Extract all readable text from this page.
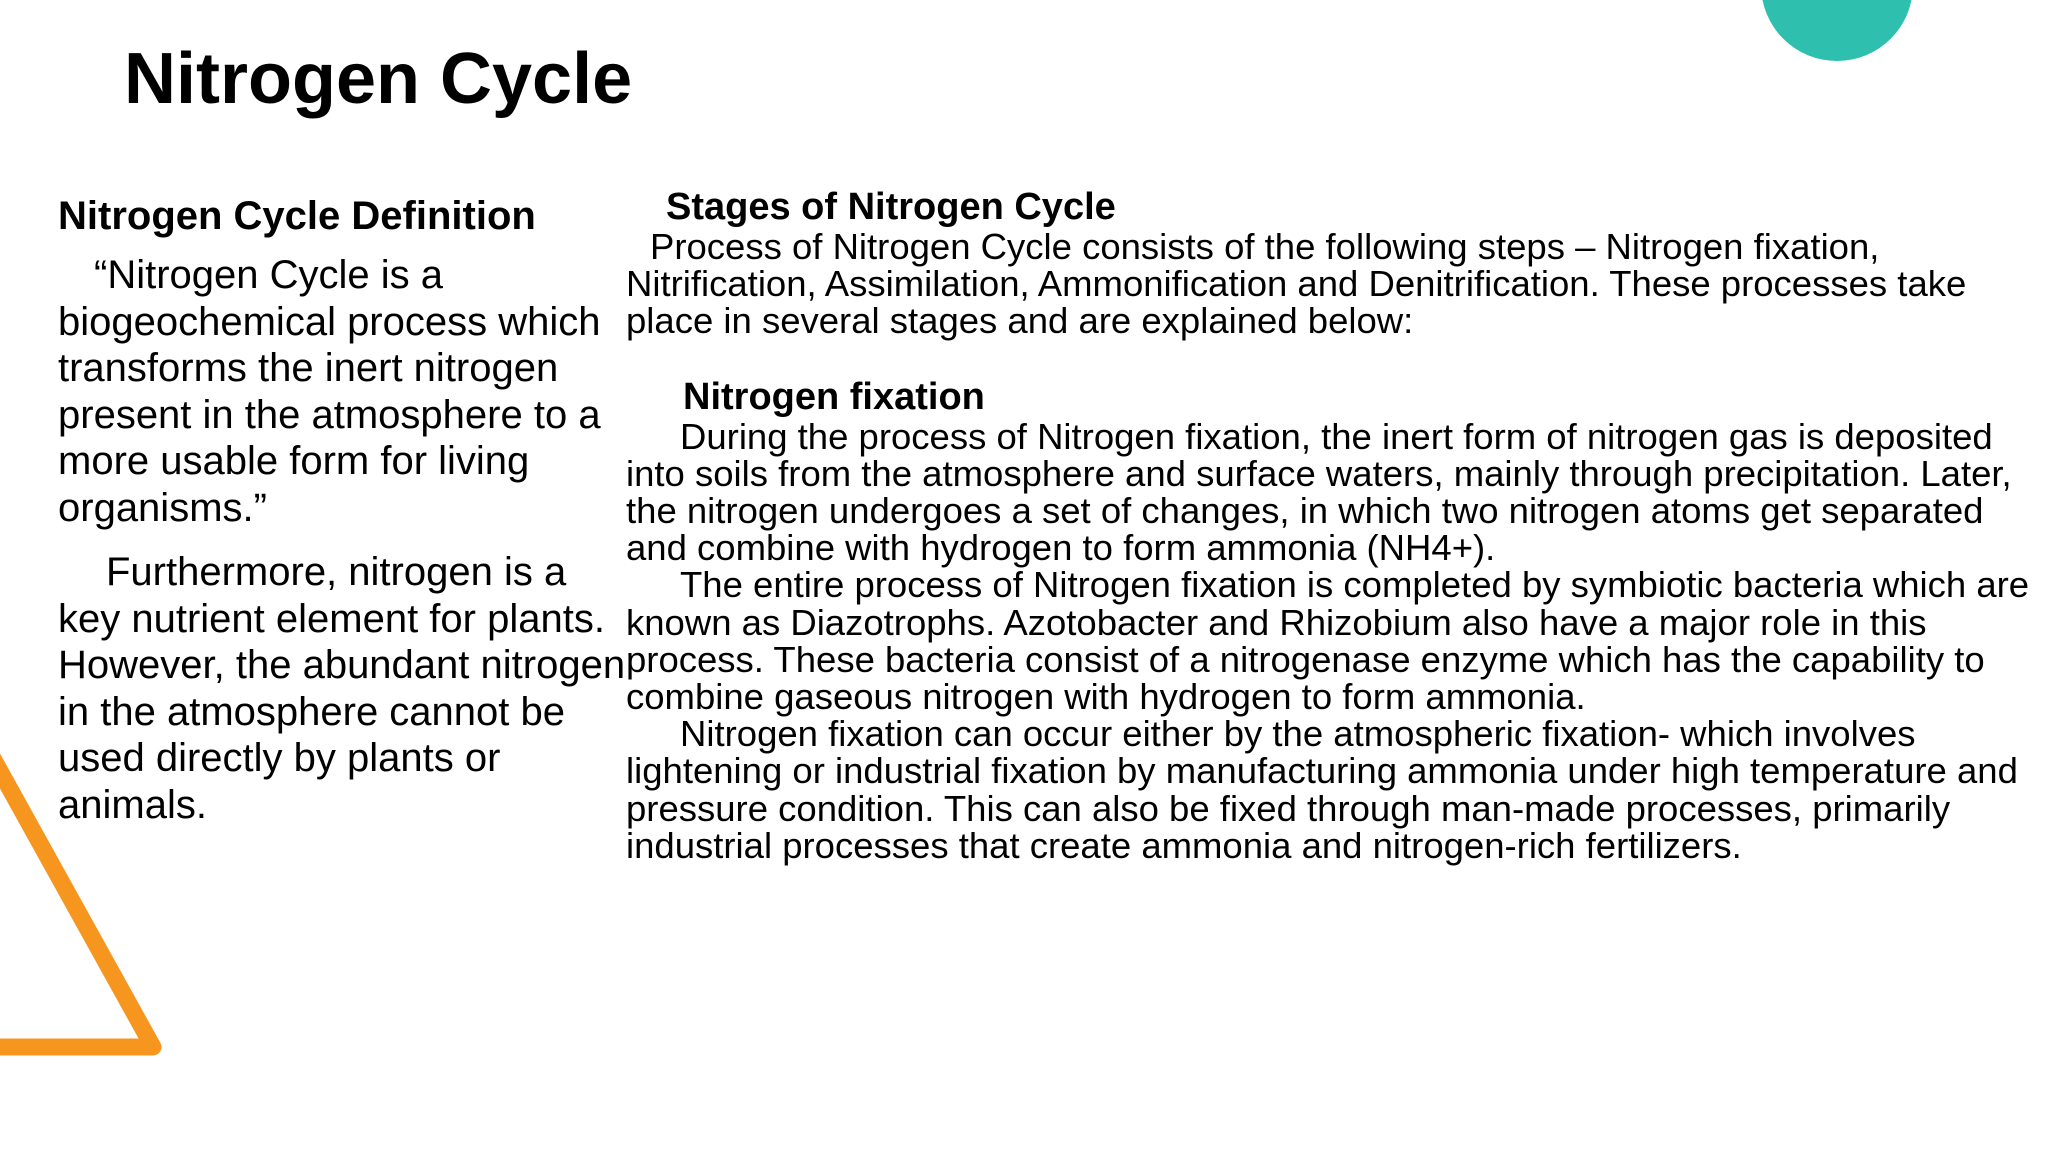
Nitrogen Cycle
Nitrogen Cycle Definition

“Nitrogen Cycle is a biogeochemical process which transforms the inert nitrogen present in the atmosphere to a more usable form for living organisms.”

Furthermore, nitrogen is a key nutrient element for plants. However, the abundant nitrogen in the atmosphere cannot be used directly by plants or animals.

Stages of Nitrogen Cycle

Process of Nitrogen Cycle consists of the following steps – Nitrogen fixation, Nitrification, Assimilation, Ammonification and Denitrification. These processes take place in several stages and are explained below:

Nitrogen fixation

During the process of Nitrogen fixation, the inert form of nitrogen gas is deposited into soils from the atmosphere and surface waters, mainly through precipitation. Later, the nitrogen undergoes a set of changes, in which two nitrogen atoms get separated and combine with hydrogen to form ammonia (NH4+).

The entire process of Nitrogen fixation is completed by symbiotic bacteria which are known as Diazotrophs. Azotobacter and Rhizobium also have a major role in this process. These bacteria consist of a nitrogenase enzyme which has the capability to combine gaseous nitrogen with hydrogen to form ammonia.

Nitrogen fixation can occur either by the atmospheric fixation- which involves lightening or industrial fixation by manufacturing ammonia under high temperature and pressure condition. This can also be fixed through man-made processes, primarily industrial processes that create ammonia and nitrogen-rich fertilizers.
